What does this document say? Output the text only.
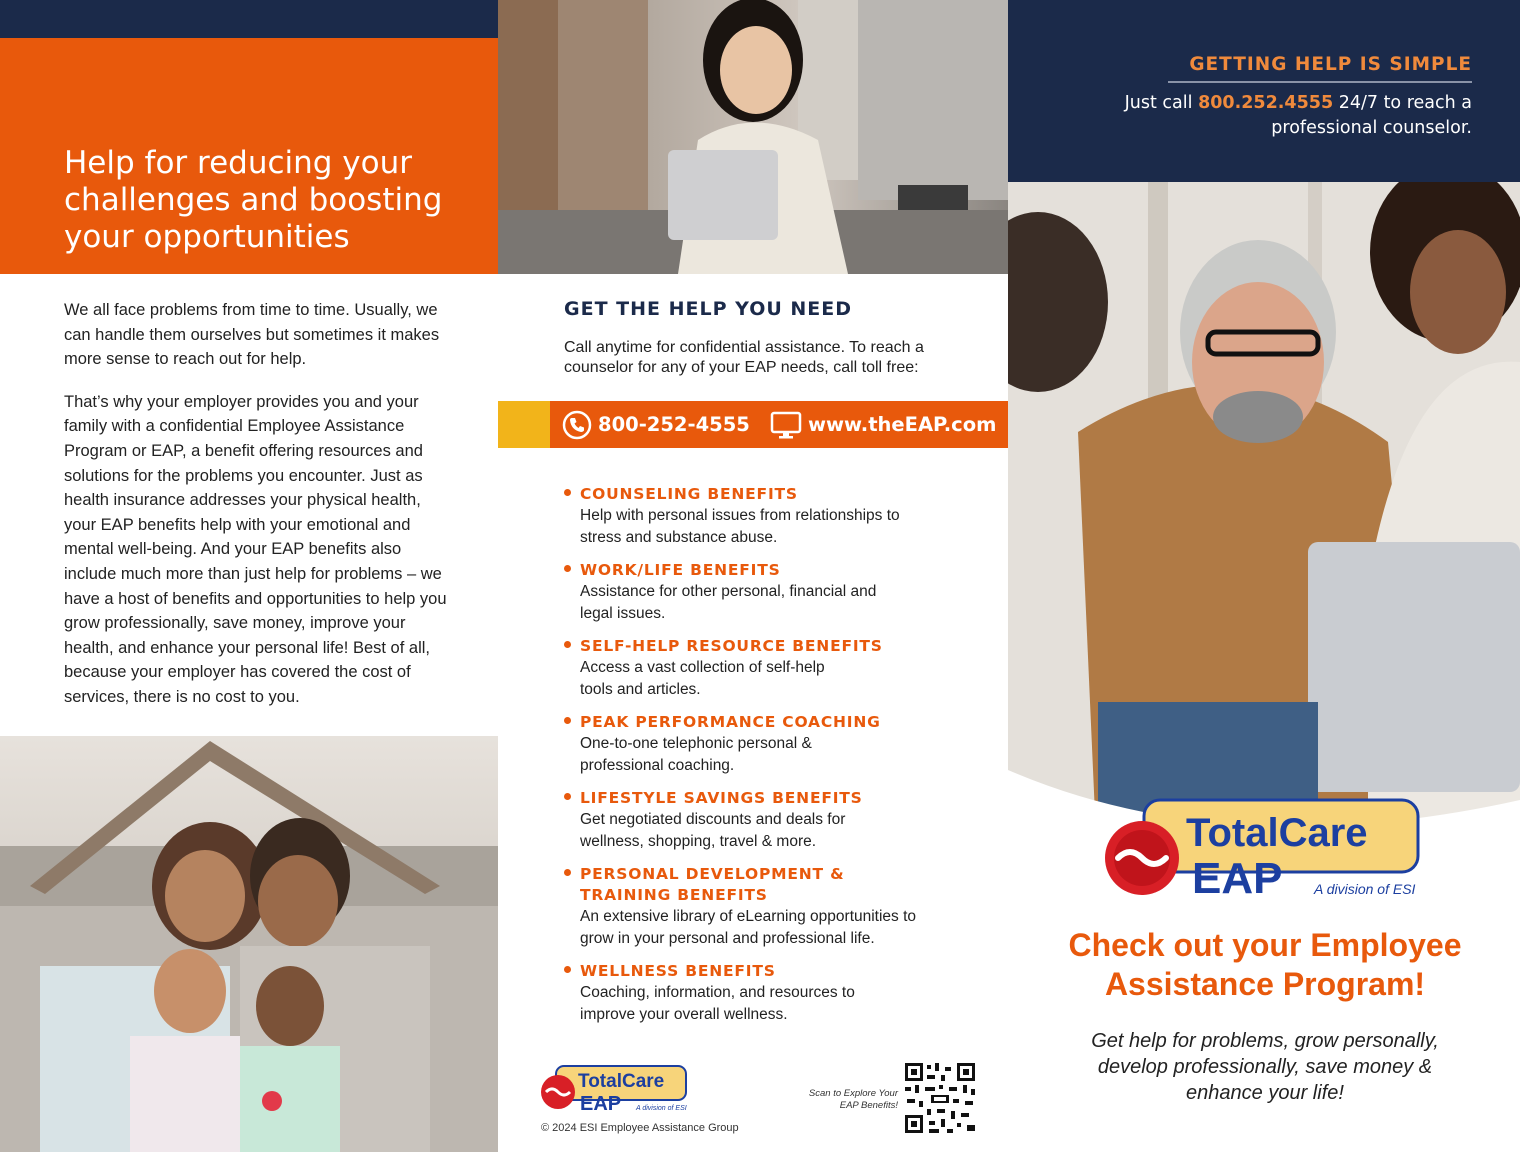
Help for reducing your challenges and boosting your opportunities

We all face problems from time to time. Usually, we can handle them ourselves but sometimes it makes more sense to reach out for help.

That’s why your employer provides you and your family with a confidential Employee Assistance Program or EAP, a benefit offering resources and solutions for the problems you encounter. Just as health insurance addresses your physical health, your EAP benefits help with your emotional and mental well-being. And your EAP benefits also include much more than just help for problems – we have a host of benefits and opportunities to help you grow professionally, save money, improve your health, and enhance your personal life! Best of all, because your employer has covered the cost of services, there is no cost to you.

GET THE HELP YOU NEED

Call anytime for confidential assistance. To reach a counselor for any of your EAP needs, call toll free:

800-252-4555	www.theEAP.com
COUNSELING BENEFITS
Help with personal issues from relationships to stress and substance abuse.
WORK/LIFE BENEFITS
Assistance for other personal, financial and legal issues.
SELF-HELP RESOURCE BENEFITS
Access a vast collection of self-help tools and articles.
PEAK PERFORMANCE COACHING
One-to-one telephonic personal & professional coaching.
LIFESTYLE SAVINGS BENEFITS
Get negotiated discounts and deals for wellness, shopping, travel & more.
PERSONAL DEVELOPMENT & TRAINING BENEFITS
An extensive library of eLearning opportunities to grow in your personal and professional life.
WELLNESS BENEFITS
Coaching, information, and resources to improve your overall wellness.
TotalCare
EAP A division of ESI
© 2024 ESI Employee Assistance Group
Scan to Explore Your EAP Benefits!
GETTING HELP IS SIMPLE
Just call 800.252.4555 24/7 to reach a professional counselor.
TotalCare
EAP A division of ESI
Check out your Employee Assistance Program!
Get help for problems, grow personally, develop professionally, save money & enhance your life!
